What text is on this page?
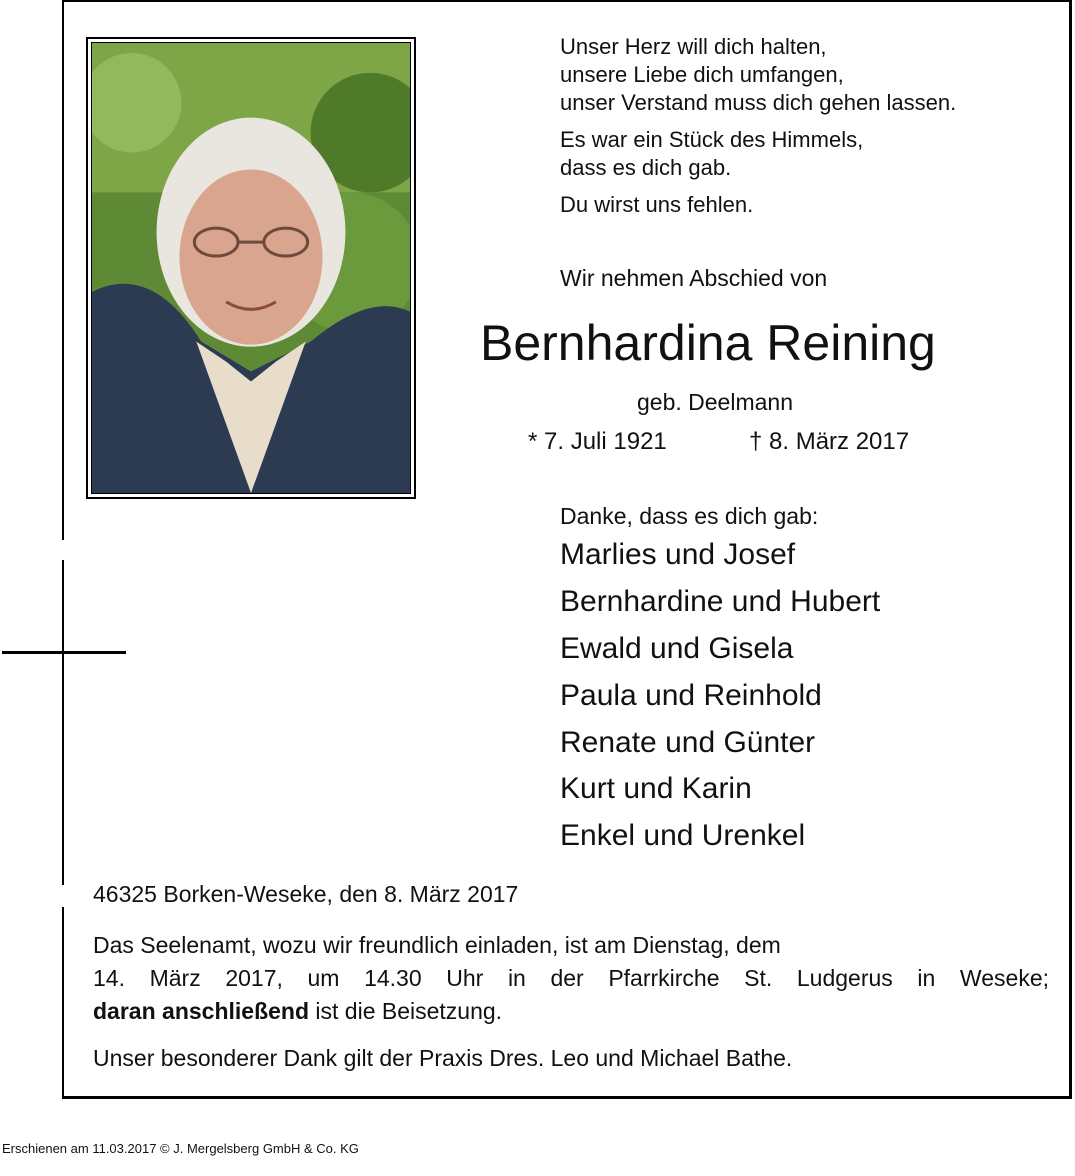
Unser Herz will dich halten,
unsere Liebe dich umfangen,
unser Verstand muss dich gehen lassen.
Es war ein Stück des Himmels,
dass es dich gab.
Du wirst uns fehlen.
Wir nehmen Abschied von
Bernhardina Reining
geb. Deelmann
* 7. Juli 1921	† 8. März 2017
Danke, dass es dich gab:
Marlies und Josef
Bernhardine und Hubert
Ewald und Gisela
Paula und Reinhold
Renate und Günter
Kurt und Karin
Enkel und Urenkel
46325 Borken-Weseke, den 8. März 2017
Das Seelenamt, wozu wir freundlich einladen, ist am Dienstag, dem
14. März 2017, um 14.30 Uhr in der Pfarrkirche St. Ludgerus in Weseke;
daran anschließend ist die Beisetzung.
Unser besonderer Dank gilt der Praxis Dres. Leo und Michael Bathe.
Erschienen am 11.03.2017 © J. Mergelsberg GmbH & Co. KG
